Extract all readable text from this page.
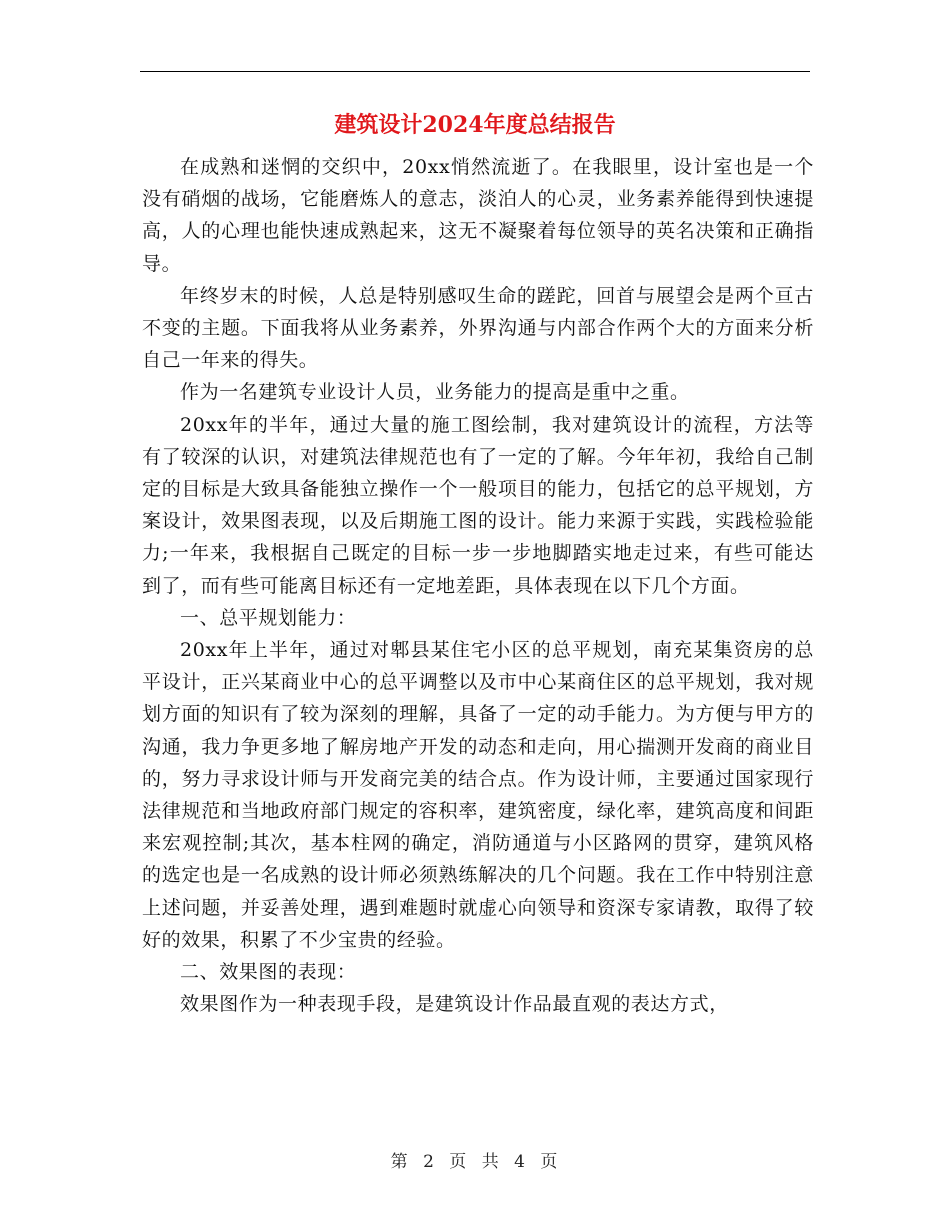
建筑设计2024年度总结报告

在成熟和迷惘的交织中，20xx悄然流逝了。在我眼里，设计室也是一个没有硝烟的战场，它能磨炼人的意志，淡泊人的心灵，业务素养能得到快速提高，人的心理也能快速成熟起来，这无不凝聚着每位领导的英名决策和正确指导。

年终岁末的时候，人总是特别感叹生命的蹉跎，回首与展望会是两个亘古不变的主题。下面我将从业务素养，外界沟通与内部合作两个大的方面来分析自己一年来的得失。

作为一名建筑专业设计人员，业务能力的提高是重中之重。

20xx年的半年，通过大量的施工图绘制，我对建筑设计的流程，方法等有了较深的认识，对建筑法律规范也有了一定的了解。今年年初，我给自己制定的目标是大致具备能独立操作一个一般项目的能力，包括它的总平规划，方案设计，效果图表现，以及后期施工图的设计。能力来源于实践，实践检验能力;一年来，我根据自己既定的目标一步一步地脚踏实地走过来，有些可能达到了，而有些可能离目标还有一定地差距，具体表现在以下几个方面。

一、总平规划能力：

20xx年上半年，通过对郫县某住宅小区的总平规划，南充某集资房的总平设计，正兴某商业中心的总平调整以及市中心某商住区的总平规划，我对规划方面的知识有了较为深刻的理解，具备了一定的动手能力。为方便与甲方的沟通，我力争更多地了解房地产开发的动态和走向，用心揣测开发商的商业目的，努力寻求设计师与开发商完美的结合点。作为设计师，主要通过国家现行法律规范和当地政府部门规定的容积率，建筑密度，绿化率，建筑高度和间距来宏观控制;其次，基本柱网的确定，消防通道与小区路网的贯穿，建筑风格的选定也是一名成熟的设计师必须熟练解决的几个问题。我在工作中特别注意上述问题，并妥善处理，遇到难题时就虚心向领导和资深专家请教，取得了较好的效果，积累了不少宝贵的经验。

二、效果图的表现：

效果图作为一种表现手段，是建筑设计作品最直观的表达方式，

第 2 页 共 4 页
